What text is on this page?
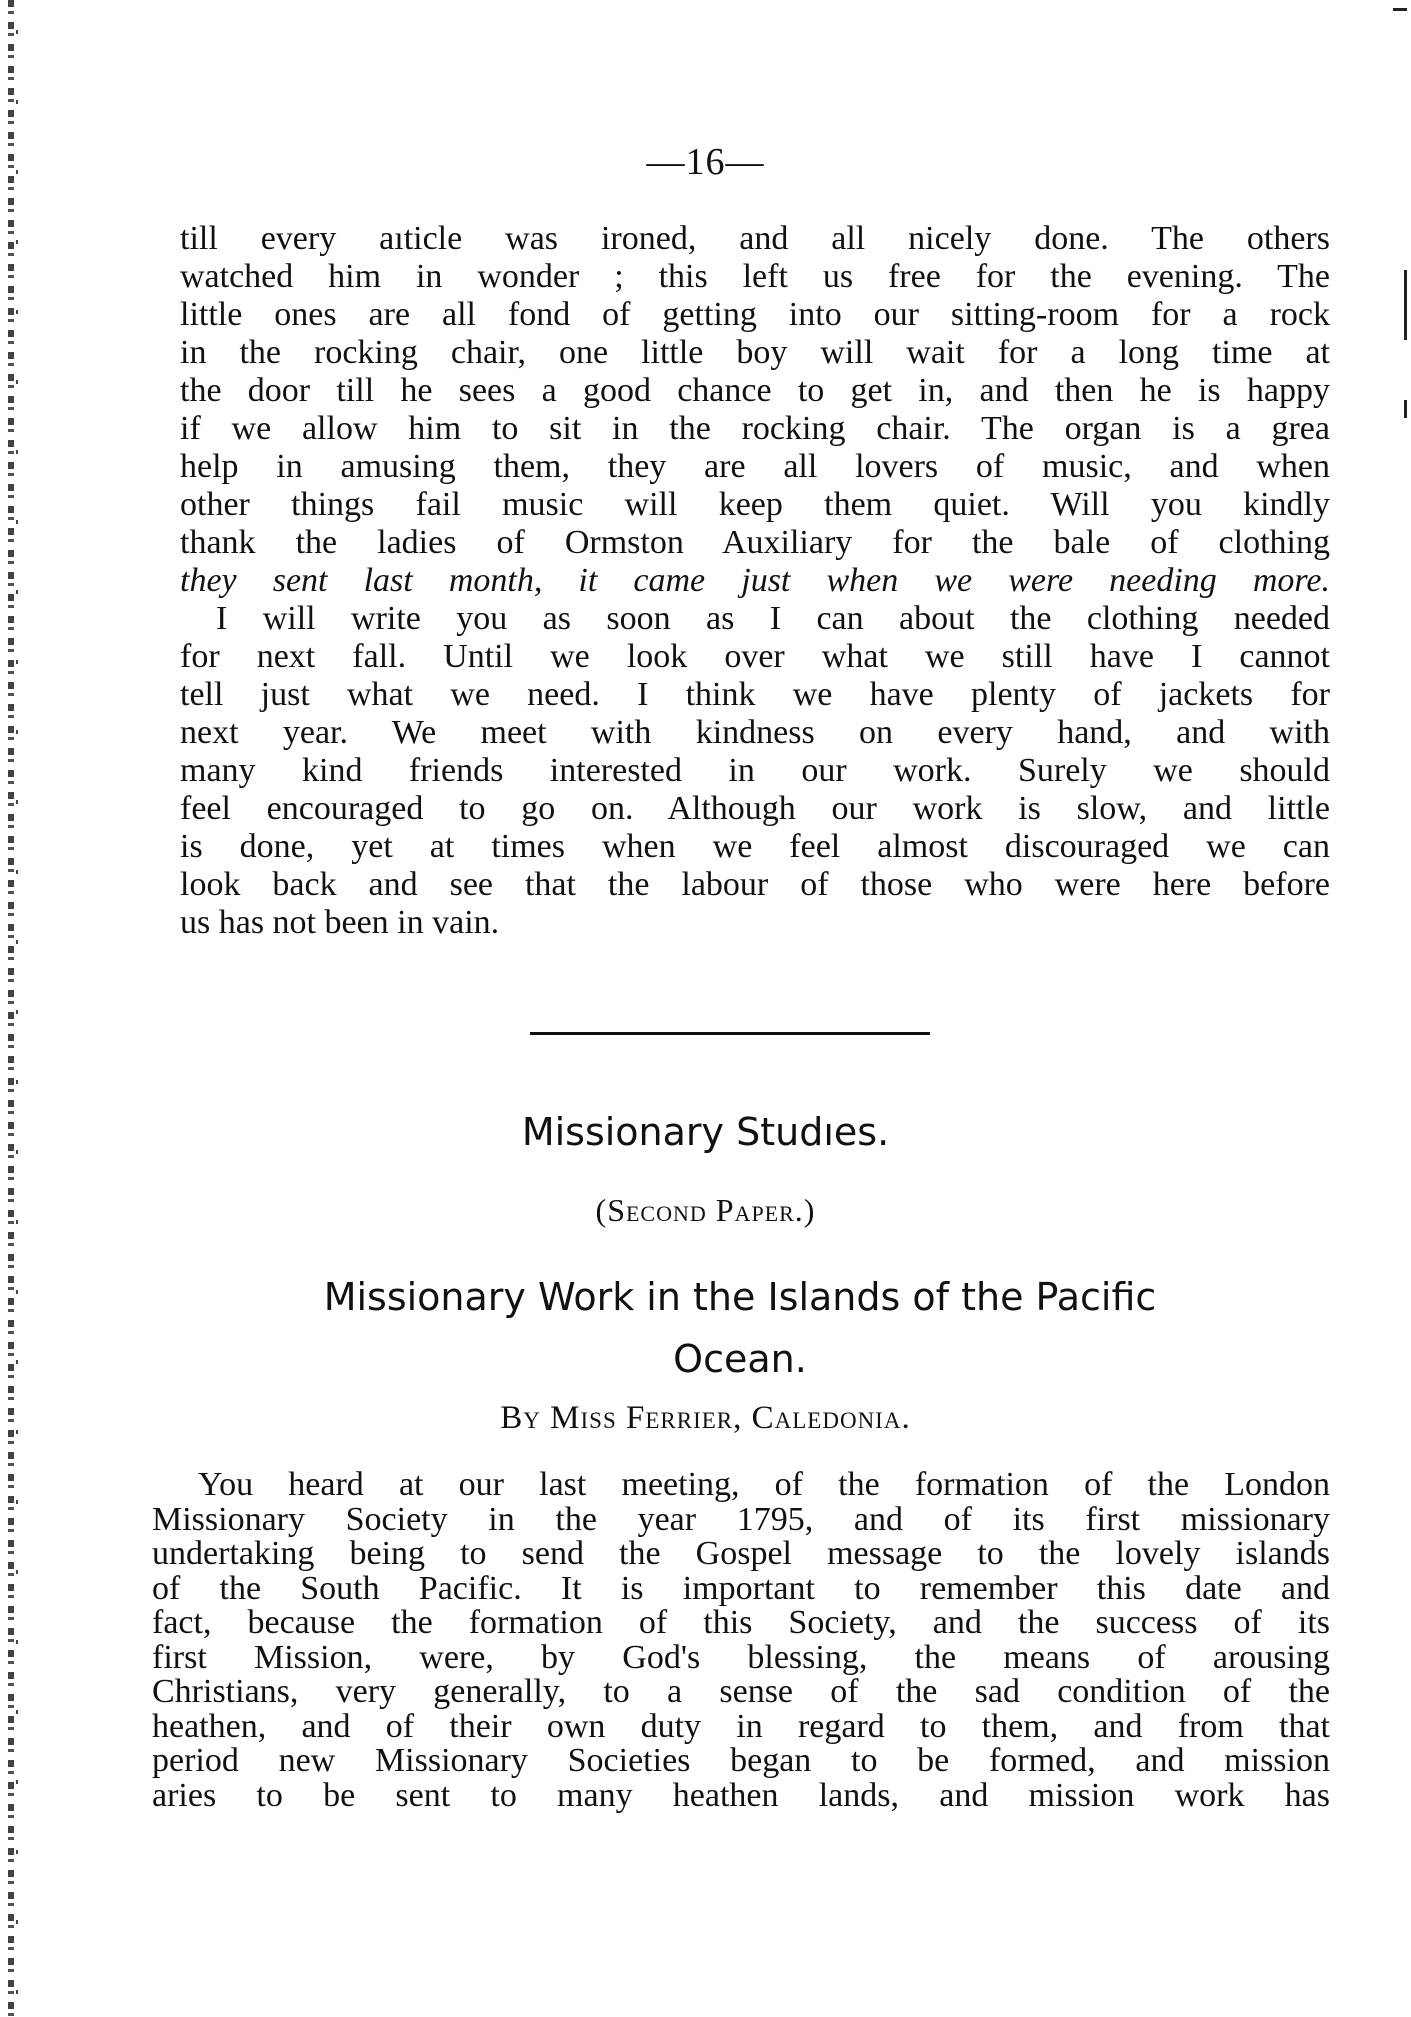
—16—
till every aıticle was ironed, and all nicely done. The others
watched him in wonder ; this left us free for the evening. The
little ones are all fond of getting into our sitting-room for a rock
in the rocking chair, one little boy will wait for a long time at
the door till he sees a good chance to get in, and then he is happy
if we allow him to sit in the rocking chair. The organ is a grea
help in amusing them, they are all lovers of music, and when
other things fail music will keep them quiet. Will you kindly
thank the ladies of Ormston Auxiliary for the bale of clothing
they sent last month, it came just when we were needing more.
I will write you as soon as I can about the clothing needed
for next fall. Until we look over what we still have I cannot
tell just what we need. I think we have plenty of jackets for
next year. We meet with kindness on every hand, and with
many kind friends interested in our work. Surely we should
feel encouraged to go on. Although our work is slow, and little
is done, yet at times when we feel almost discouraged we can
look back and see that the labour of those who were here before
us has not been in vain.
Missionary Studıes.
(Second Paper.)
Missionary Work in the Islands of the Pacific
Ocean.
By Miss Ferrier, Caledonia.
You heard at our last meeting, of the formation of the London
Missionary Society in the year 1795, and of its first missionary
undertaking being to send the Gospel message to the lovely islands
of the South Pacific. It is important to remember this date and
fact, because the formation of this Society, and the success of its
first Mission, were, by God's blessing, the means of arousing
Christians, very generally, to a sense of the sad condition of the
heathen, and of their own duty in regard to them, and from that
period new Missionary Societies began to be formed, and mission
aries to be sent to many heathen lands, and mission work has
